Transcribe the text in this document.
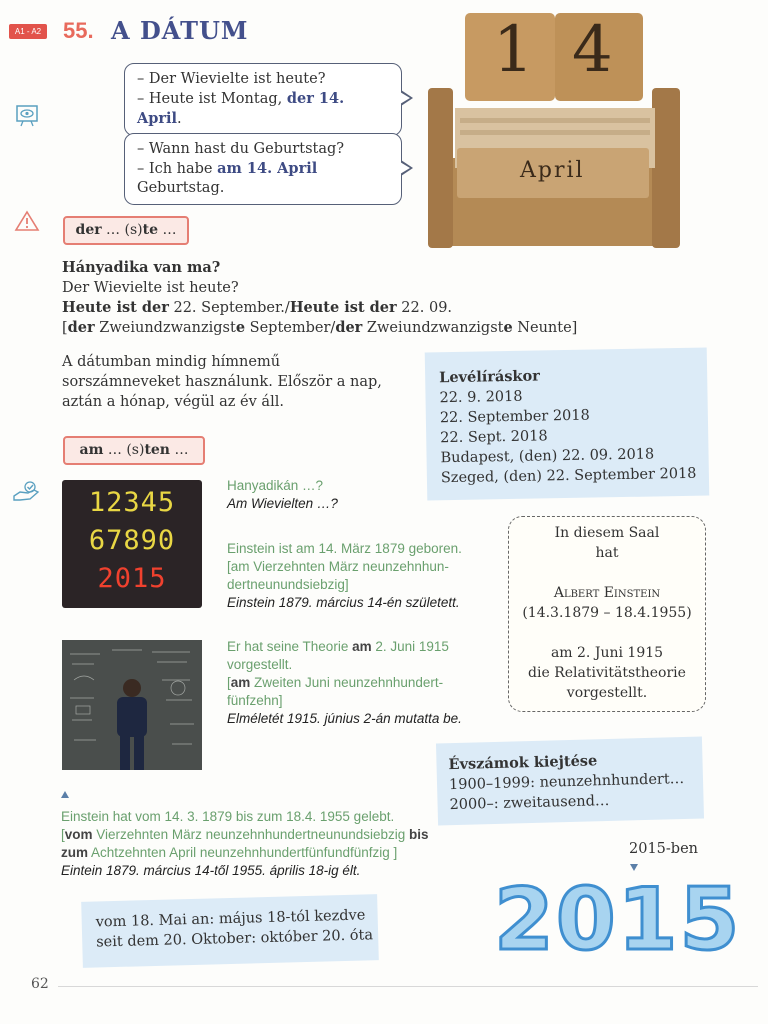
A1 - A2 55. A DÁTUM
– Der Wievielte ist heute?
– Heute ist Montag, der 14. April.
– Wann hast du Geburtstag?
– Ich habe am 14. April Geburtstag.
1 4
April
der … (s)te …
Hányadika van ma?
Der Wievielte ist heute?
Heute ist der 22. September./Heute ist der 22. 09.
[der Zweiundzwanzigste September/der Zweiundzwanzigste Neunte]
A dátumban mindig hímnemű
sorszámneveket használunk. Először a nap,
aztán a hónap, végül az év áll.
Levélíráskor
22. 9. 2018
22. September 2018
22. Sept. 2018
Budapest, (den) 22. 09. 2018
Szeged, (den) 22. September 2018
am … (s)ten …
12345
67890
2015
Hanyadikán …?
Am Wievielten …?
Einstein ist am 14. März 1879 geboren.
[am Vierzehnten März neunzehnhun-
dertneunundsiebzig]
Einstein 1879. március 14-én született.
Er hat seine Theorie am 2. Juni 1915
vorgestellt.
[am Zweiten Juni neunzehnhundert-
fünfzehn]
Elméletét 1915. június 2-án mutatta be.
In diesem Saal
hat
Albert Einstein
(14.3.1879 – 18.4.1955)
am 2. Juni 1915
die Relativitätstheorie
vorgestellt.
Évszámok kiejtése
1900–1999: neunzehnhundert…
2000–: zweitausend…
Einstein hat vom 14. 3. 1879 bis zum 18.4. 1955 gelebt.
[vom Vierzehnten März neunzehnhundertneunundsiebzig bis
zum Achtzehnten April neunzehnhundertfünfundfünfzig ]
Eintein 1879. március 14-től 1955. április 18-ig élt.
2015-ben
2015
vom 18. Mai an: május 18-tól kezdve
seit dem 20. Oktober: október 20. óta
62
